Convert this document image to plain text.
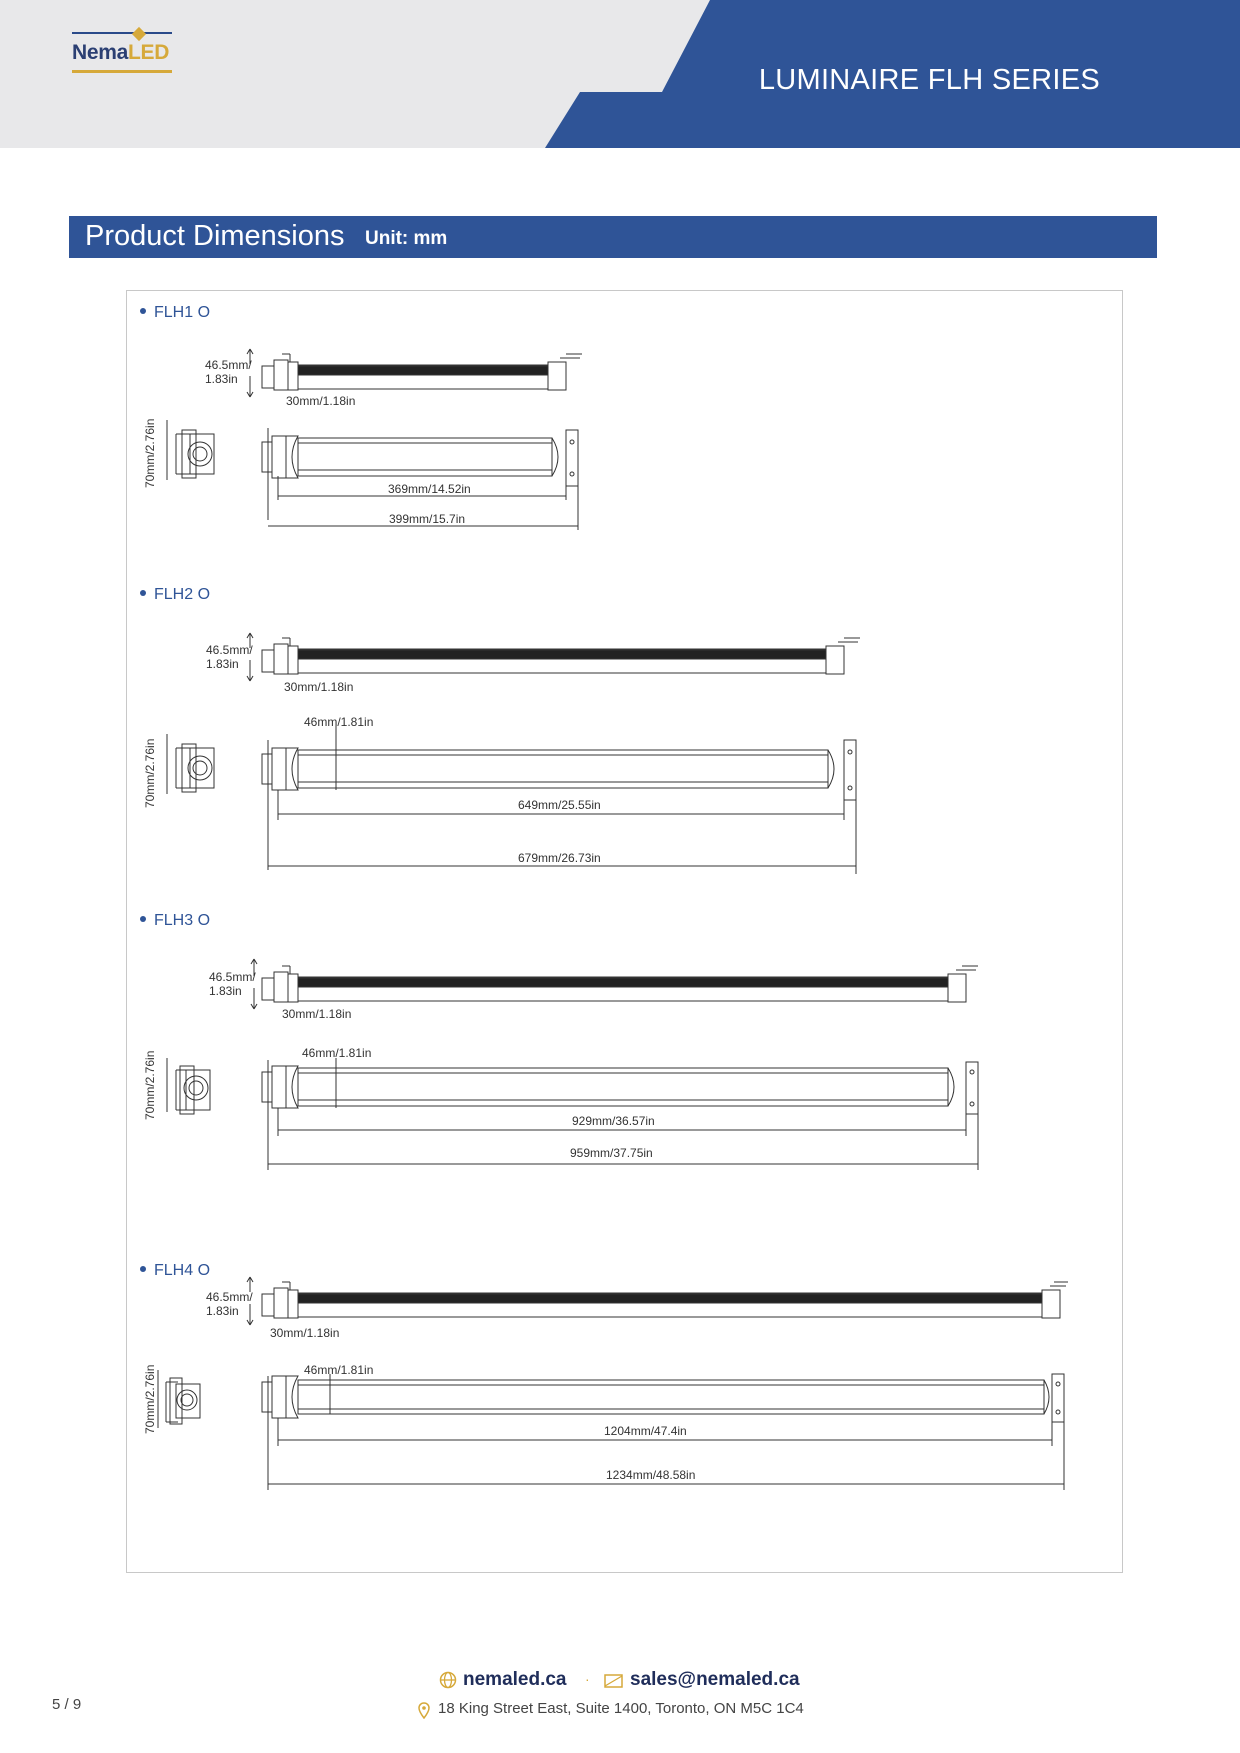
NemaLED
LUMINAIRE FLH SERIES
Product Dimensions Unit: mm
FLH1 O
46.5mm/
1.83in
30mm/1.18in
70mm/2.76in
369mm/14.52in
399mm/15.7in
FLH2 O
46.5mm/
1.83in
30mm/1.18in
46mm/1.81in
70mm/2.76in	649mm/25.55in
679mm/26.73in
FLH3 O
46.5mm/
1.83in
30mm/1.18in
46mm/1.81in
70mm/2.76in
929mm/36.57in
959mm/37.75in
FLH4 O
46.5mm/
1.83in
30mm/1.18in
46mm/1.81in
70mm/2.76in	1204mm/47.4in
1234mm/48.58in
nemaled.ca · sales@nemaled.ca
18 King Street East, Suite 1400, Toronto, ON M5C 1C4
5 / 9
